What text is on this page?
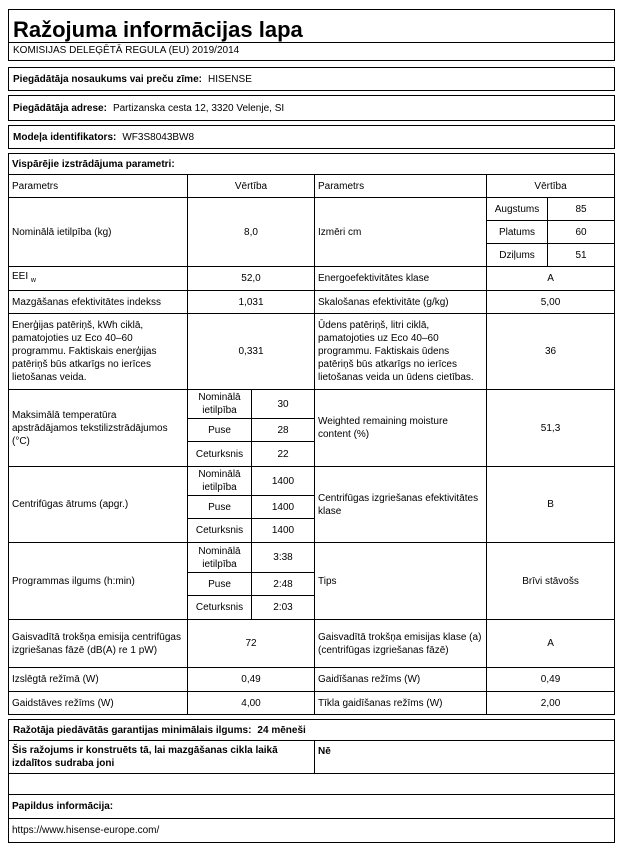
Ražojuma informācijas lapa
KOMISIJAS DELEĢĒTĀ REGULA (EU) 2019/2014
Piegādātāja nosaukums vai preču zīme: HISENSE
Piegādātāja adrese: Partizanska cesta 12, 3320 Velenje, SI
Modeļa identifikators: WF3S8043BW8
Vispārējie izstrādājuma parametri:					
Parametrs	Vērtība		Parametrs	Vērtība	
Nominālā ietilpība (kg)	8,0		Izmēri cm	Augstums	85
				Platums	60
				Dziļums	51
EEI $_w$	52,0		Energoefektivitātes klase	A	
Mazgāšanas efektivitātes indekss	1,031		Skalošanas efektivitāte (g/kg)	5,00	
Enerģijas patēriņš, kWh ciklā, pamatojoties uz Eco 40–60 programmu. Faktiskais enerģijas patēriņš būs atkarīgs no ierīces lietošanas veida.	0,331		Ūdens patēriņš, litri ciklā, pamatojoties uz Eco 40–60 programmu. Faktiskais ūdens patēriņš būs atkarīgs no ierīces lietošanas veida un ūdens cietības.	36	
Maksimālā temperatūra apstrādājamos tekstilizstrādājumos (°C)	Nominālā ietilpība	30	Weighted remaining moisture content (%)	51,3	
	Puse	28			
	Ceturksnis	22			
Centrifūgas ātrums (apgr.)	Nominālā ietilpība	1400	Centrifūgas izgriešanas efektivitātes klase	B	
	Puse	1400			
	Ceturksnis	1400			
Programmas ilgums (h:min)	Nominālā ietilpība	3:38	Tips	Brīvi stāvošs	
	Puse	2:48			
	Ceturksnis	2:03			
Gaisvadītā trokšņa emisija centrifūgas izgriešanas fāzē (dB(A) re 1 pW)	72		Gaisvadītā trokšņa emisijas klase (a) (centrifūgas izgriešanas fāzē)	A	
Izslēgtā režīmā (W)	0,49		Gaidīšanas režīms (W)	0,49	
Gaidstāves režīms (W)	4,00		Tīkla gaidīšanas režīms (W)	2,00	
Ražotāja piedāvātās garantijas minimālais ilgums: 24 mēneši
Šis ražojums ir konstruēts tā, lai mazgāšanas cikla laikā izdalītos sudraba joni	Nē

Papildus informācija:
https://www.hisense-europe.com/
